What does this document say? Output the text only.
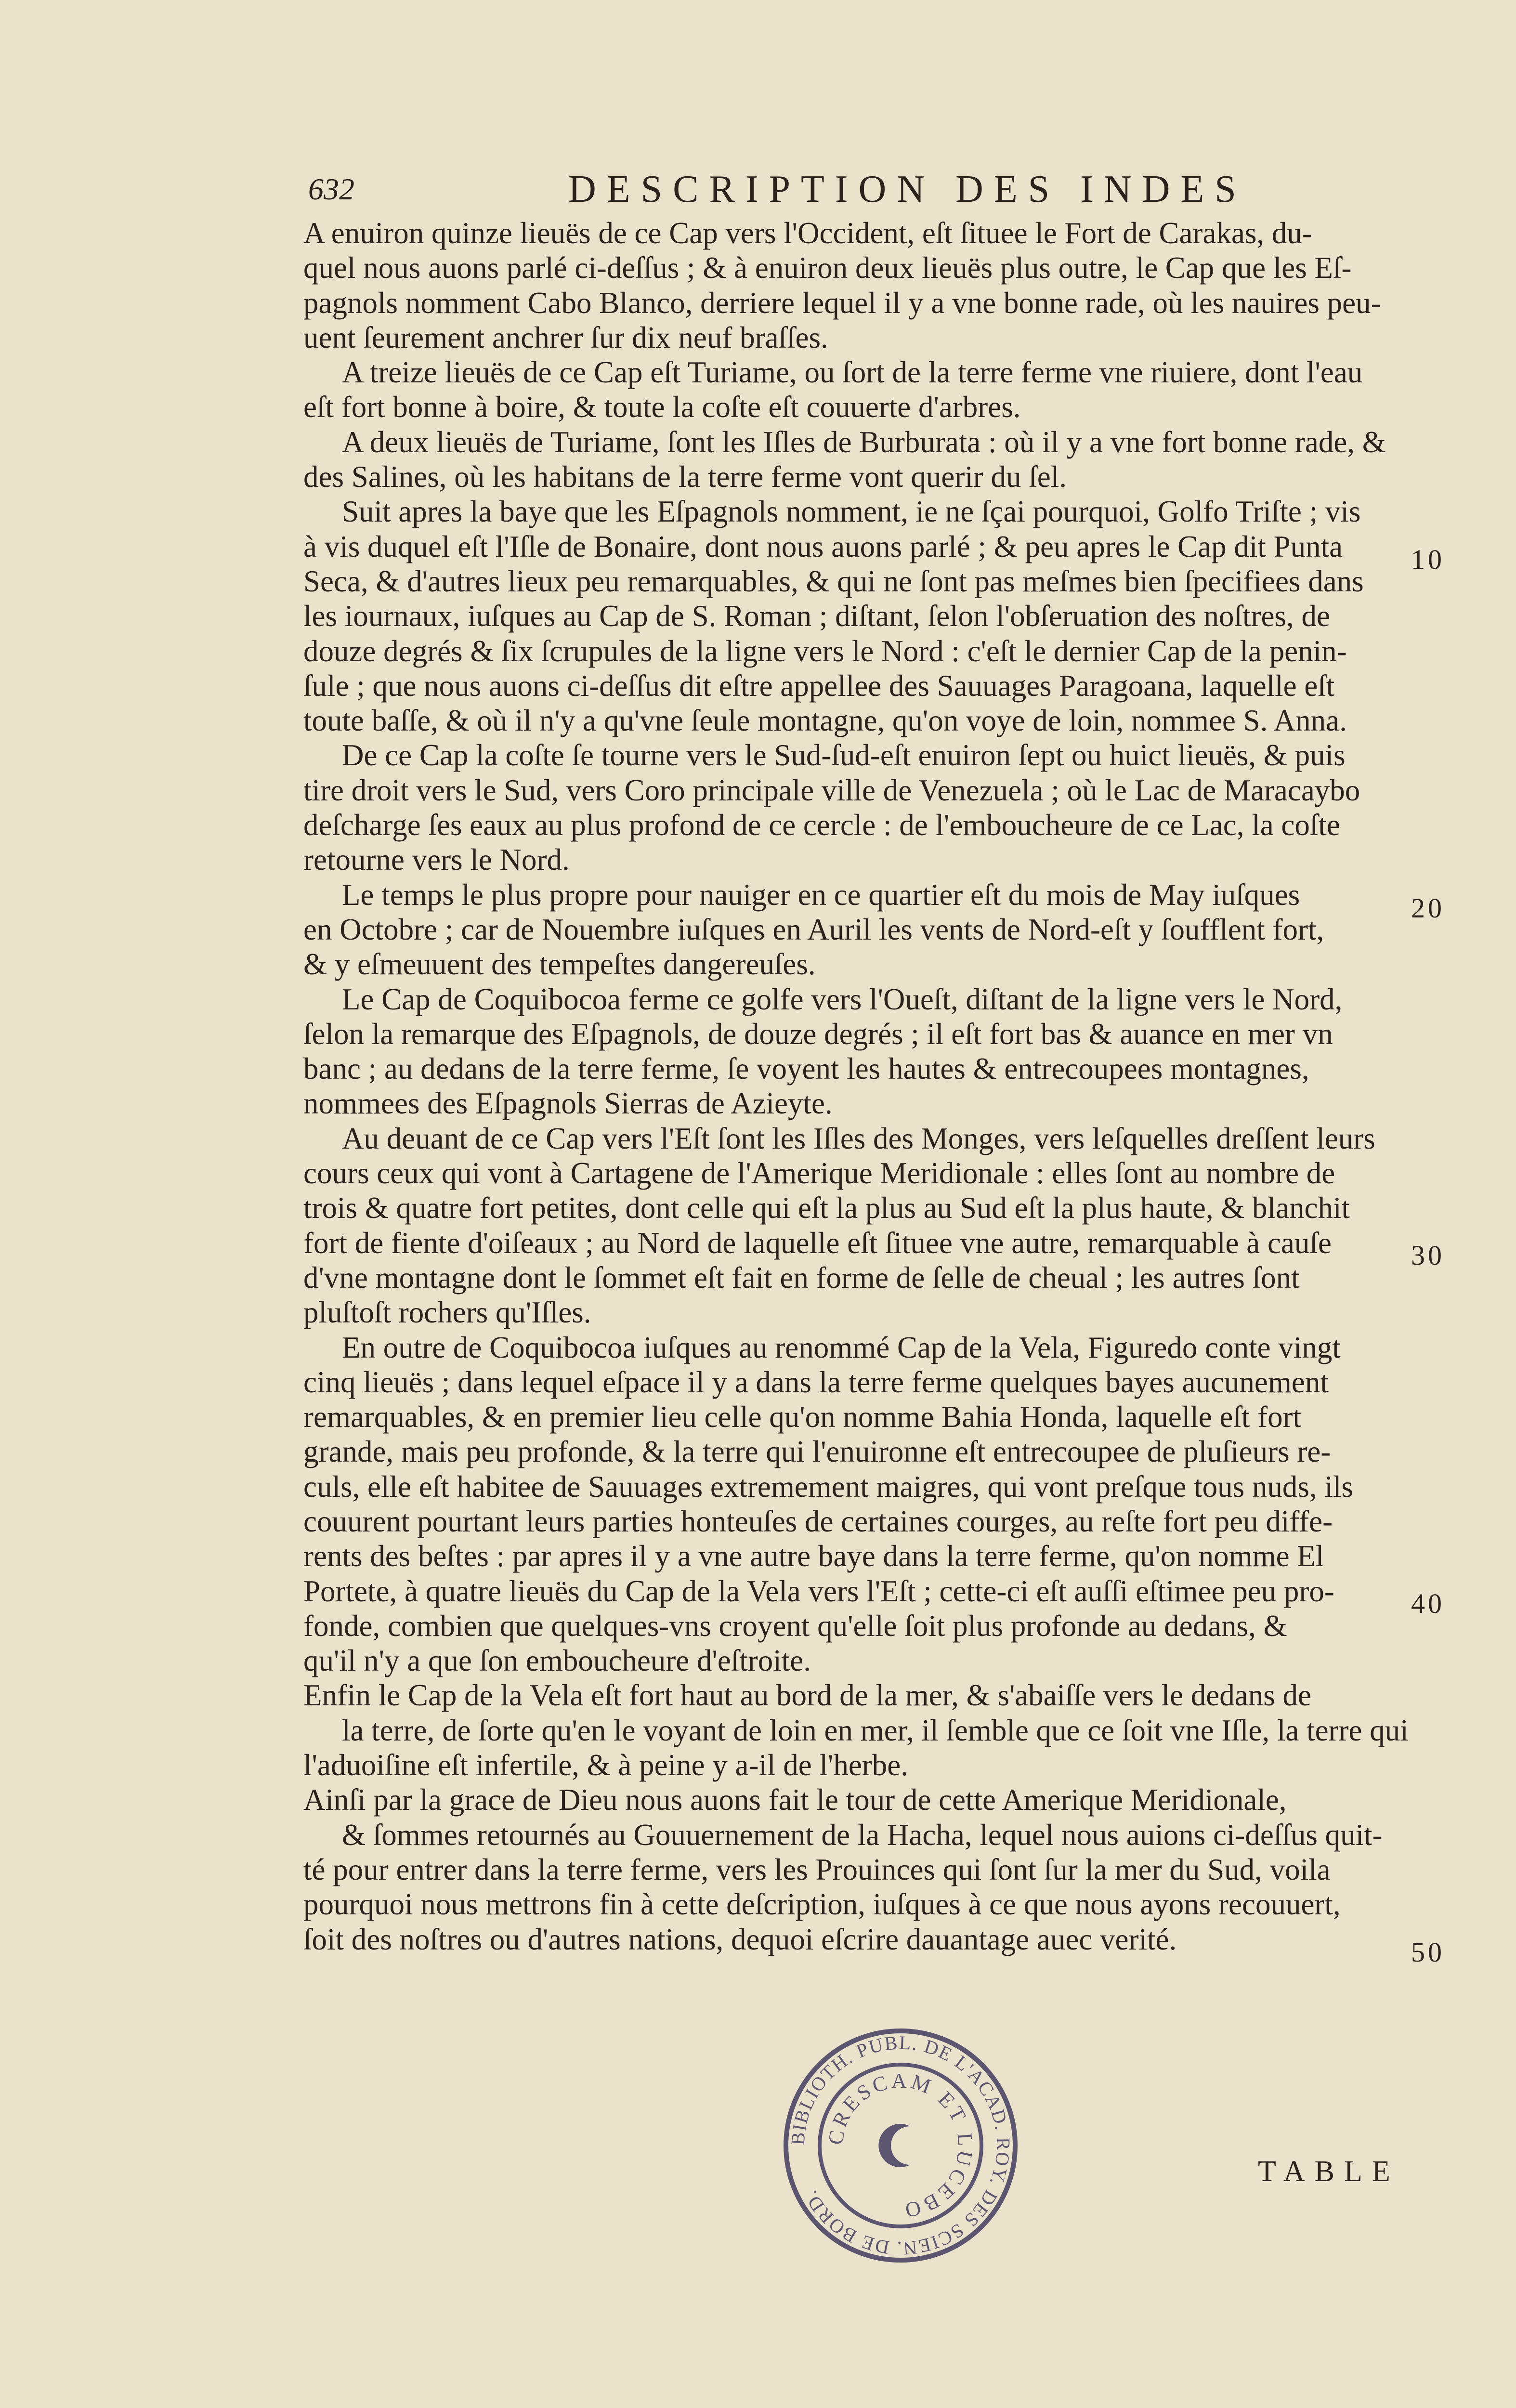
632	DESCRIPTION DES INDES
A enuiron quinze lieuës de ce Cap vers l'Occident, eſt ſituee le Fort de Carakas, du-
quel nous auons parlé ci-deſſus ; & à enuiron deux lieuës plus outre, le Cap que les Eſ-
pagnols nomment Cabo Blanco, derriere lequel il y a vne bonne rade, où les nauires peu-
uent ſeurement anchrer ſur dix neuf braſſes.
A treize lieuës de ce Cap eſt Turiame, ou ſort de la terre ferme vne riuiere, dont l'eau
eſt fort bonne à boire, & toute la coſte eſt couuerte d'arbres.
A deux lieuës de Turiame, ſont les Iſles de Burburata : où il y a vne fort bonne rade, &
des Salines, où les habitans de la terre ferme vont querir du ſel.
Suit apres la baye que les Eſpagnols nomment, ie ne ſçai pourquoi, Golfo Triſte ; vis
à vis duquel eſt l'Iſle de Bonaire, dont nous auons parlé ; & peu apres le Cap dit Punta
Seca, & d'autres lieux peu remarquables, & qui ne ſont pas meſmes bien ſpecifiees dans
les iournaux, iuſques au Cap de S. Roman ; diſtant, ſelon l'obſeruation des noſtres, de
douze degrés & ſix ſcrupules de la ligne vers le Nord : c'eſt le dernier Cap de la penin-
ſule ; que nous auons ci-deſſus dit eſtre appellee des Sauuages Paragoana, laquelle eſt
toute baſſe, & où il n'y a qu'vne ſeule montagne, qu'on voye de loin, nommee S. Anna.
De ce Cap la coſte ſe tourne vers le Sud-ſud-eſt enuiron ſept ou huict lieuës, & puis
tire droit vers le Sud, vers Coro principale ville de Venezuela ; où le Lac de Maracaybo
deſcharge ſes eaux au plus profond de ce cercle : de l'embouchеure de ce Lac, la coſte
retourne vers le Nord.
Le temps le plus propre pour nauiger en ce quartier eſt du mois de May iuſques
en Octobre ; car de Nouembre iuſques en Auril les vents de Nord-eſt y ſoufflent fort,
& y eſmeuuent des tempeſtes dangereuſes.
Le Cap de Coquibocoa ferme ce golfe vers l'Oueſt, diſtant de la ligne vers le Nord,
ſelon la remarque des Eſpagnols, de douze degrés ; il eſt fort bas & auance en mer vn
banc ; au dedans de la terre ferme, ſe voyent les hautes & entrecoupees montagnes,
nommees des Eſpagnols Sierras de Azieyte.
Au deuant de ce Cap vers l'Eſt ſont les Iſles des Monges, vers leſquelles dreſſent leurs
cours ceux qui vont à Cartagene de l'Amerique Meridionale : elles ſont au nombre de
trois & quatre fort petites, dont celle qui eſt la plus au Sud eſt la plus haute, & blanchit
fort de fiente d'oiſeaux ; au Nord de laquelle eſt ſituee vne autre, remarquable à cauſe
d'vne montagne dont le ſommet eſt fait en forme de ſelle de cheual ; les autres ſont
pluſtoſt rochers qu'Iſles.
En outre de Coquibocoa iuſques au renommé Cap de la Vela, Figuredo conte vingt
cinq lieuës ; dans lequel eſpace il y a dans la terre ferme quelques bayes aucunement
remarquables, & en premier lieu celle qu'on nomme Bahia Honda, laquelle eſt fort
grande, mais peu profonde, & la terre qui l'enuironne eſt entrecoupee de pluſieurs re-
culs, elle eſt habitee de Sauuages extremement maigres, qui vont preſque tous nuds, ils
couurent pourtant leurs parties honteuſes de certaines courges, au reſte fort peu diffe-
rents des beſtes : par apres il y a vne autre baye dans la terre ferme, qu'on nomme El
Portete, à quatre lieuës du Cap de la Vela vers l'Eſt ; cette-ci eſt auſſi eſtimee peu pro-
fonde, combien que quelques-vns croyent qu'elle ſoit plus profonde au dedans, &
qu'il n'y a que ſon embouchеure d'eſtroite.
Enfin le Cap de la Vela eſt fort haut au bord de la mer, & s'abaiſſe vers le dedans de
la terre, de ſorte qu'en le voyant de loin en mer, il ſemble que ce ſoit vne Iſle, la terre qui
l'aduoiſine eſt infertile, & à peine y a-il de l'herbe.
Ainſi par la grace de Dieu nous auons fait le tour de cette Amerique Meridionale,
& ſommes retournés au Gouuernement de la Hacha, lequel nous auions ci-deſſus quit-
té pour entrer dans la terre ferme, vers les Prouinces qui ſont ſur la mer du Sud, voila
pourquoi nous mettrons fin à cette deſcription, iuſques à ce que nous ayons recouuert,
ſoit des noſtres ou d'autres nations, dequoi eſcrire dauantage auec verité.
10
20
30
40
50
BIBLIOTH. PUBL. DE L'ACAD. ROY. DES SCIEN. DE BORD.
CRESCAM ET LUCEBO
TABLE
